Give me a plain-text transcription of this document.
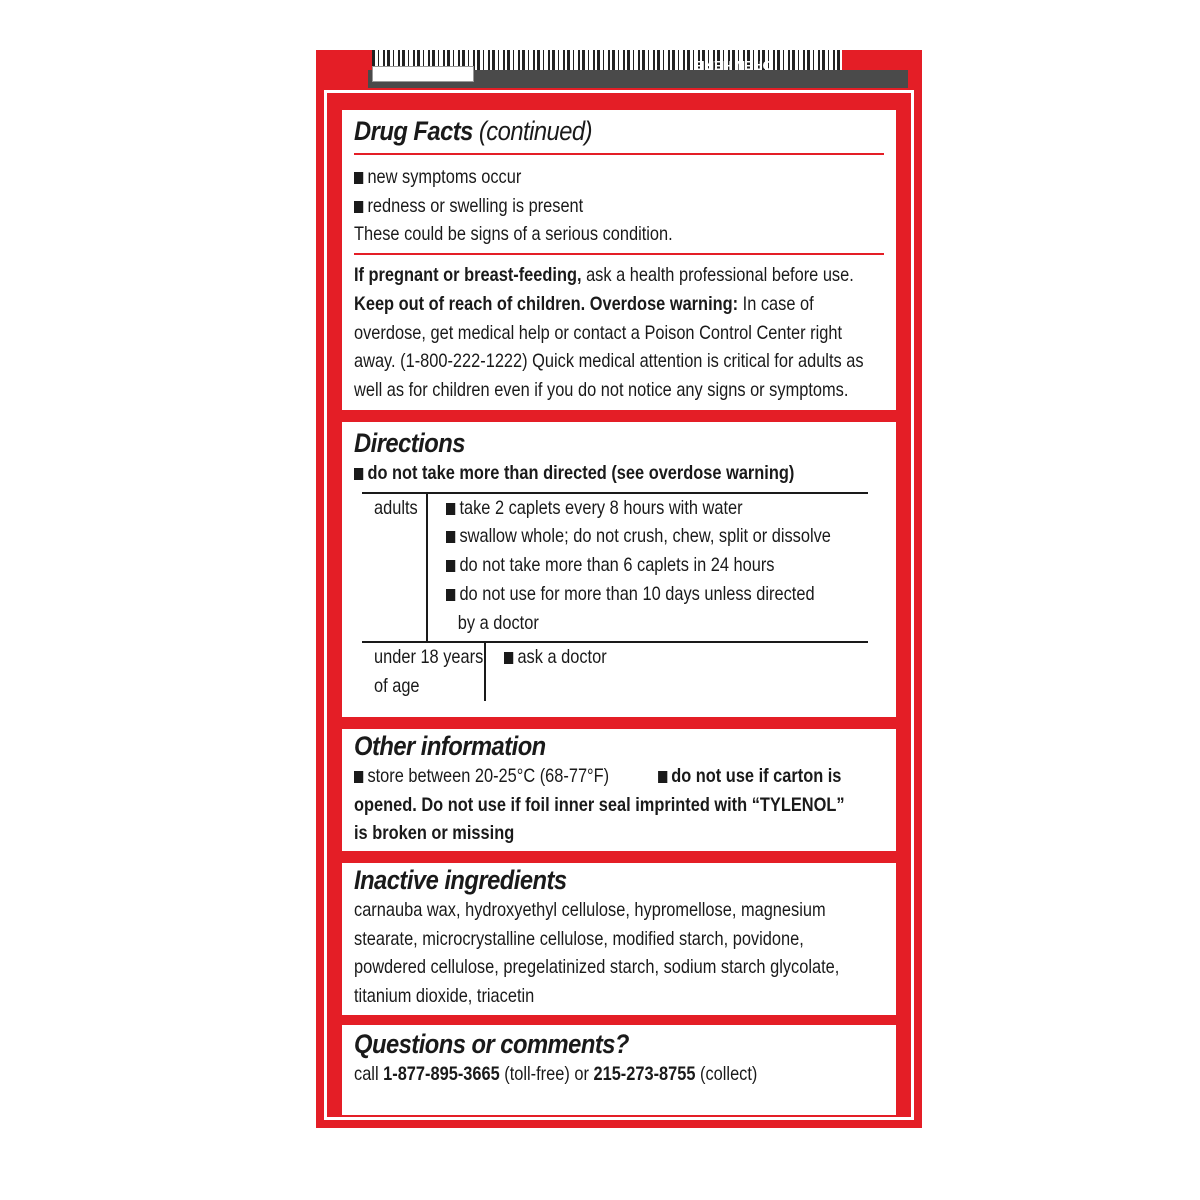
OPEN HERE
Drug Facts (continued)
new symptoms occur
redness or swelling is present
These could be signs of a serious condition.
If pregnant or breast-feeding, ask a health professional before use.
Keep out of reach of children. Overdose warning: In case of
overdose, get medical help or contact a Poison Control Center right
away. (1-800-222-1222) Quick medical attention is critical for adults as
well as for children even if you do not notice any signs or symptoms.
Directions
do not take more than directed (see overdose warning)
adults	take 2 caplets every 8 hours with water
swallow whole; do not crush, chew, split or dissolve
do not take more than 6 caplets in 24 hours
do not use for more than 10 days unless directed
by a doctor
under 18 years
of age
ask a doctor
Other information
store between 20-25°C (68-77°F)	do not use if carton is
opened. Do not use if foil inner seal imprinted with “TYLENOL”
is broken or missing
Inactive ingredients
carnauba wax, hydroxyethyl cellulose, hypromellose, magnesium
stearate, microcrystalline cellulose, modified starch, povidone,
powdered cellulose, pregelatinized starch, sodium starch glycolate,
titanium dioxide, triacetin
Questions or comments?
call 1-877-895-3665 (toll-free) or 215-273-8755 (collect)
